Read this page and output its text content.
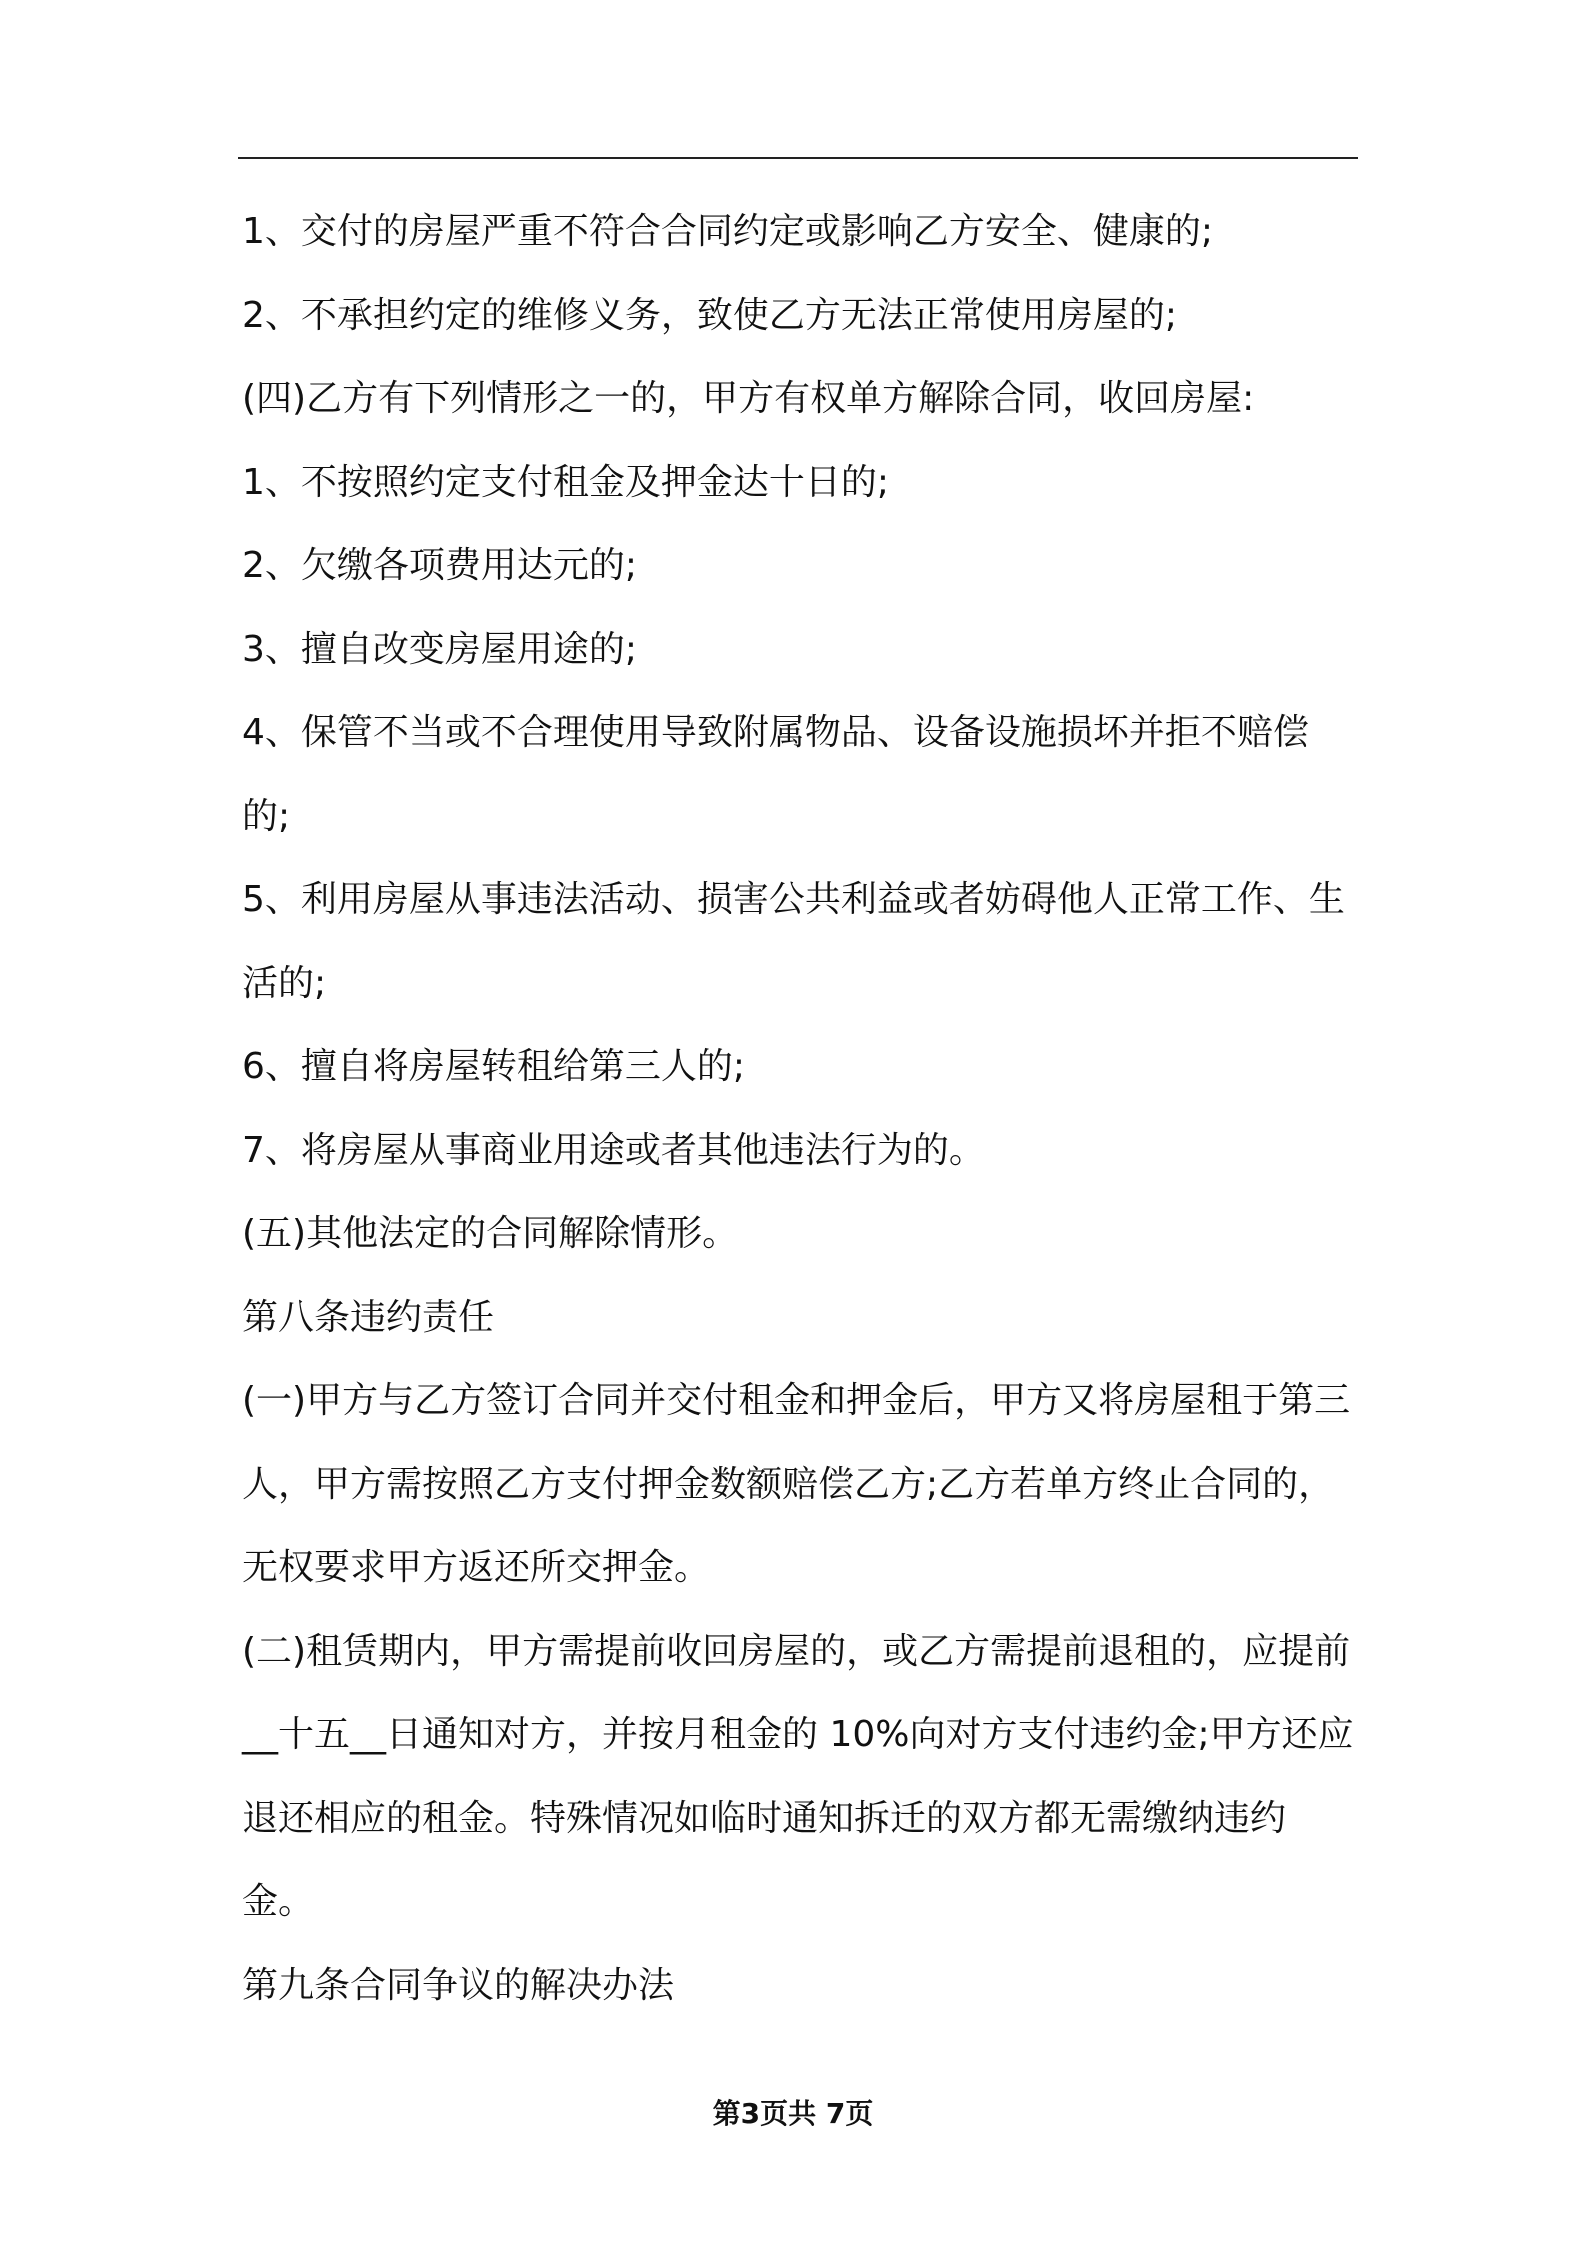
1、交付的房屋严重不符合合同约定或影响乙方安全、健康的;

2、不承担约定的维修义务，致使乙方无法正常使用房屋的;

(四)乙方有下列情形之一的，甲方有权单方解除合同，收回房屋:

1、不按照约定支付租金及押金达十日的;

2、欠缴各项费用达元的;

3、擅自改变房屋用途的;

4、保管不当或不合理使用导致附属物品、设备设施损坏并拒不赔偿的;

5、利用房屋从事违法活动、损害公共利益或者妨碍他人正常工作、生活的;

6、擅自将房屋转租给第三人的;

7、将房屋从事商业用途或者其他违法行为的。

(五)其他法定的合同解除情形。

第八条违约责任

(一)甲方与乙方签订合同并交付租金和押金后，甲方又将房屋租于第三人，甲方需按照乙方支付押金数额赔偿乙方;乙方若单方终止合同的，无权要求甲方返还所交押金。

(二)租赁期内，甲方需提前收回房屋的，或乙方需提前退租的，应提前__十五__日通知对方，并按月租金的 10%向对方支付违约金;甲方还应退还相应的租金。特殊情况如临时通知拆迁的双方都无需缴纳违约金。

第九条合同争议的解决办法

第3页共 7页
